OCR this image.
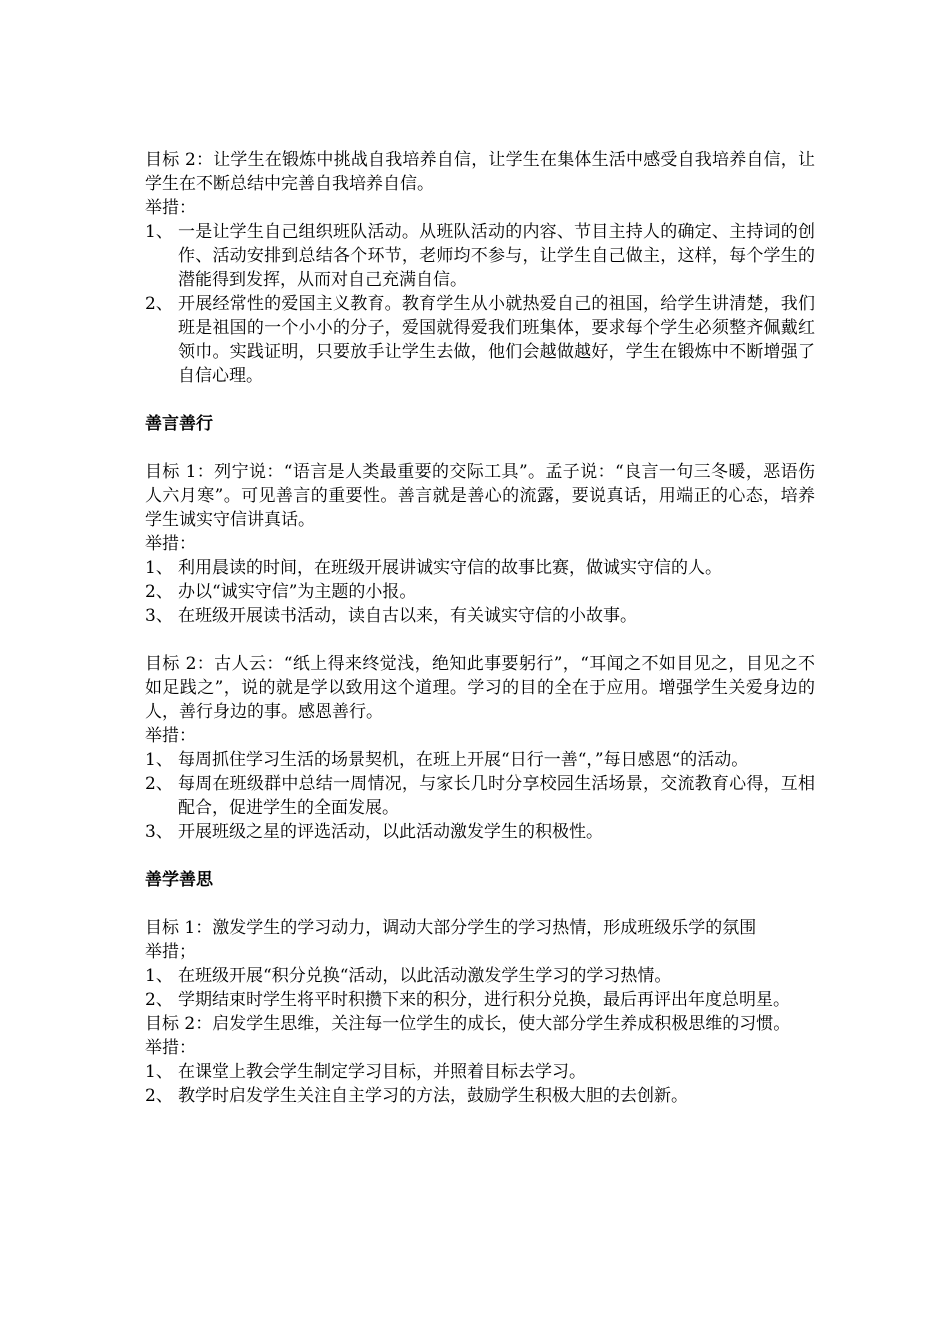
目标 2：让学生在锻炼中挑战自我培养自信，让学生在集体生活中感受自我培养自信，让学生在不断总结中完善自我培养自信。

举措：

1、 一是让学生自己组织班队活动。从班队活动的内容、节目主持人的确定、主持词的创作、活动安排到总结各个环节，老师均不参与，让学生自己做主，这样，每个学生的潜能得到发挥，从而对自己充满自信。
2、 开展经常性的爱国主义教育。教育学生从小就热爱自己的祖国，给学生讲清楚，我们班是祖国的一个小小的分子，爱国就得爱我们班集体，要求每个学生必须整齐佩戴红领巾。实践证明，只要放手让学生去做，他们会越做越好，学生在锻炼中不断增强了自信心理。

善言善行

目标 1：列宁说：“语言是人类最重要的交际工具”。孟子说：“良言一句三冬暖，恶语伤人六月寒”。可见善言的重要性。善言就是善心的流露，要说真话，用端正的心态，培养学生诚实守信讲真话。

举措：

1、 利用晨读的时间，在班级开展讲诚实守信的故事比赛，做诚实守信的人。
2、 办以“诚实守信”为主题的小报。
3、 在班级开展读书活动，读自古以来，有关诚实守信的小故事。

目标 2：古人云：“纸上得来终觉浅，绝知此事要躬行”，“耳闻之不如目见之，目见之不如足践之”，说的就是学以致用这个道理。学习的目的全在于应用。增强学生关爱身边的人，善行身边的事。感恩善行。

举措：

1、 每周抓住学习生活的场景契机，在班上开展“日行一善“，”每日感恩“的活动。
2、 每周在班级群中总结一周情况，与家长几时分享校园生活场景，交流教育心得，互相配合，促进学生的全面发展。
3、 开展班级之星的评选活动，以此活动激发学生的积极性。

善学善思

目标 1：激发学生的学习动力，调动大部分学生的学习热情，形成班级乐学的氛围

举措；

1、 在班级开展“积分兑换“活动，以此活动激发学生学习的学习热情。
2、 学期结束时学生将平时积攒下来的积分，进行积分兑换，最后再评出年度总明星。

目标 2：启发学生思维，关注每一位学生的成长，使大部分学生养成积极思维的习惯。

举措：

1、 在课堂上教会学生制定学习目标，并照着目标去学习。
2、 教学时启发学生关注自主学习的方法，鼓励学生积极大胆的去创新。
